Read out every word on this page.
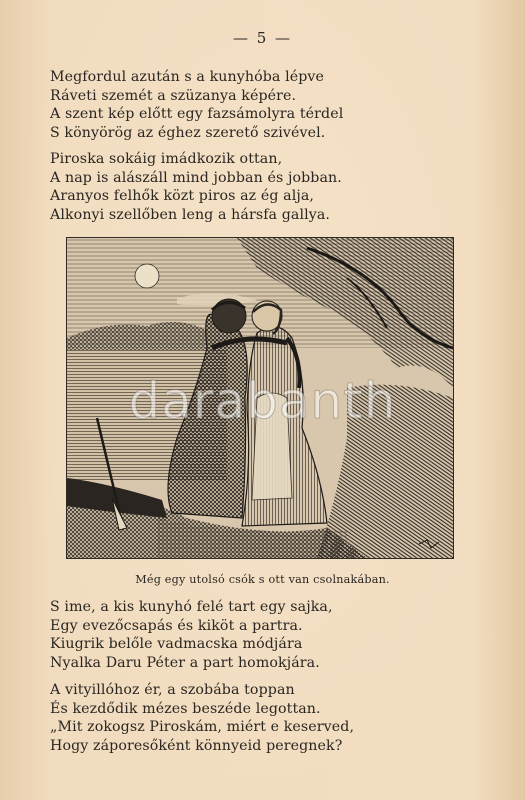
— 5 —
Megfordul azután s a kunyhóba lépve
Ráveti szemét a szüzanya képére.
A szent kép előtt egy fazsámolyra térdel
S könyörög az éghez szerető szivével.
Piroska sokáig imádkozik ottan,
A nap is alászáll mind jobban és jobban.
Aranyos felhők közt piros az ég alja,
Alkonyi szellőben leng a hársfa gallya.
darabanth
Még egy utolsó csók s ott van csolnakában.
S ime, a kis kunyhó felé tart egy sajka,
Egy evezőcsapás és kiköt a partra.
Kiugrik belőle vadmacska módjára
Nyalka Daru Péter a part homokjára.
A vityillóhoz ér, a szobába toppan
És kezdődik mézes beszéde legottan.
„Mit zokogsz Piroskám, miért e keserved,
Hogy záporesőként könnyeid peregnek?
